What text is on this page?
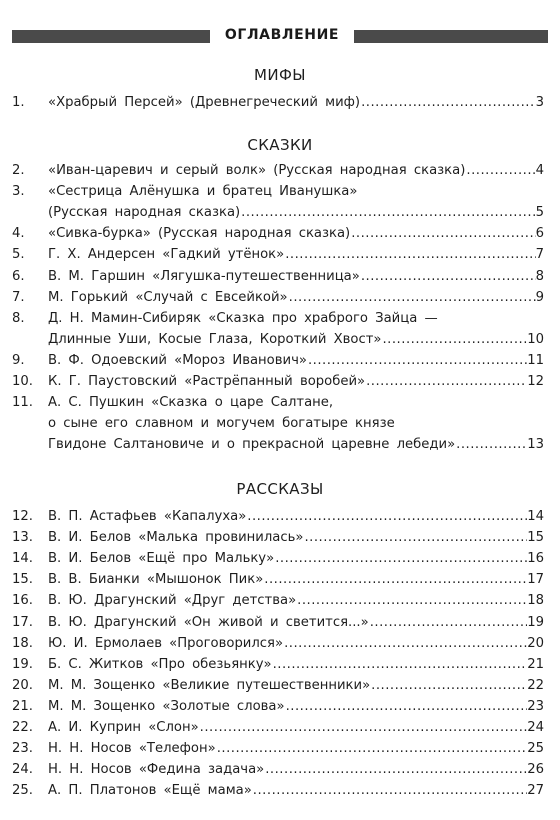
ОГЛАВЛЕНИЕ
МИФЫ
1. «Храбрый Персей» (Древнегреческий миф) .....	3
СКАЗКИ
2. «Иван-царевич и серый волк» (Русская народная сказка) .....	4
3. «Сестрица Алёнушка и братец Иванушка»
(Русская народная сказка) .....	5
4. «Сивка-бурка» (Русская народная сказка) .....	6
5. Г. Х. Андерсен «Гадкий утёнок» .....	7
6. В. М. Гаршин «Лягушка-путешественница» .....	8
7. М. Горький «Случай с Евсейкой» .....	9
8. Д. Н. Мамин-Сибиряк «Сказка про храброго Зайца —
Длинные Уши, Косые Глаза, Короткий Хвост» .....	10
9. В. Ф. Одоевский «Мороз Иванович» .....	11
10. К. Г. Паустовский «Растрёпанный воробей» .....	12
11. А. С. Пушкин «Сказка о царе Салтане,
о сыне его славном и могучем богатыре князе
Гвидоне Салтановиче и о прекрасной царевне лебеди» .....	13
РАССКАЗЫ
12. В. П. Астафьев «Капалуха» .....	14
13. В. И. Белов «Малька провинилась» .....	15
14. В. И. Белов «Ещё про Мальку» .....	16
15. В. В. Бианки «Мышонок Пик» .....	17
16. В. Ю. Драгунский «Друг детства» .....	18
17. В. Ю. Драгунский «Он живой и светится...» .....	19
18. Ю. И. Ермолаев «Проговорился» .....	20
19. Б. С. Житков «Про обезьянку» .....	21
20. М. М. Зощенко «Великие путешественники» .....	22
21. М. М. Зощенко «Золотые слова» .....	23
22. А. И. Куприн «Слон» .....	24
23. Н. Н. Носов «Телефон» .....	25
24. Н. Н. Носов «Федина задача» .....	26
25. А. П. Платонов «Ещё мама» .....	27
